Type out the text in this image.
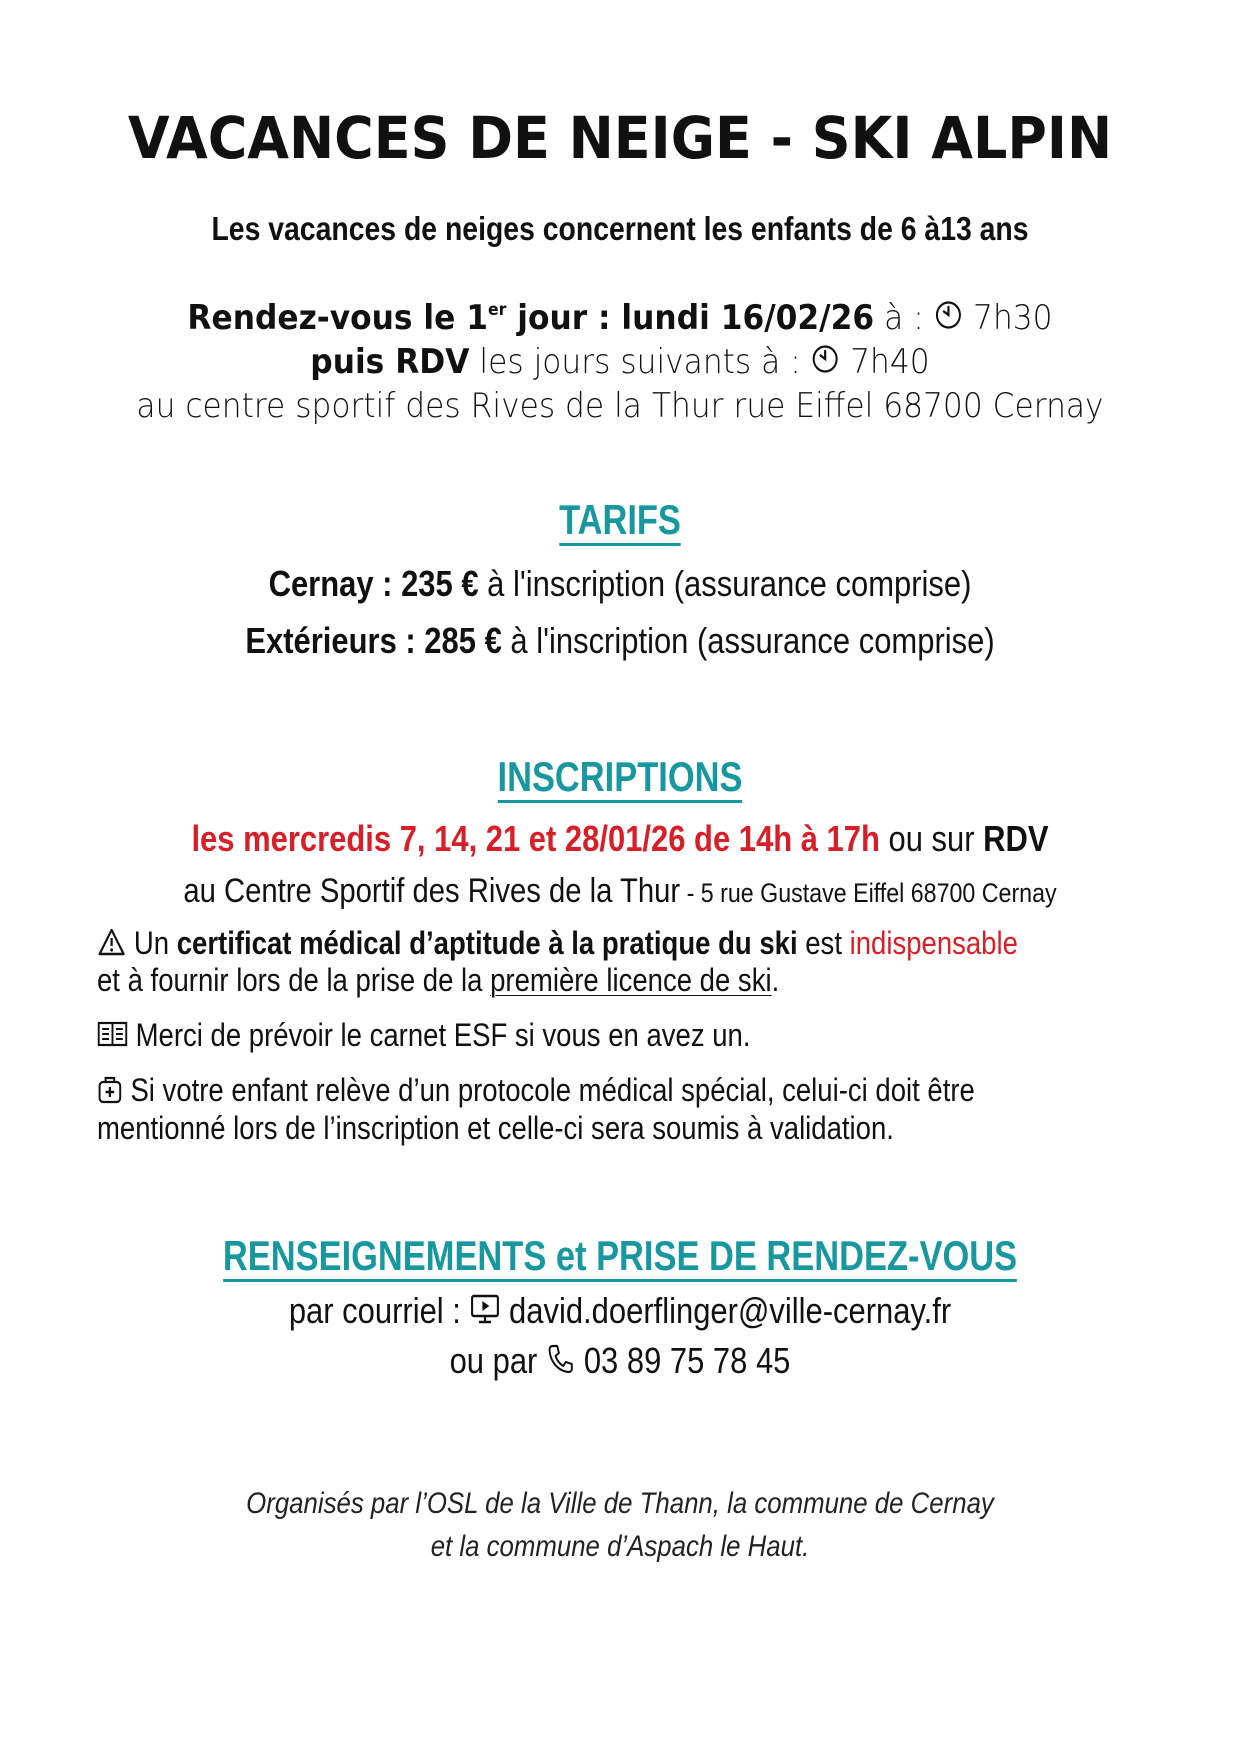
VACANCES DE NEIGE - SKI ALPIN
Les vacances de neiges concernent les enfants de 6 à13 ans
Rendez-vous le 1er jour : lundi 16/02/26 à :  7h30
puis RDV les jours suivants à :  7h40
au centre sportif des Rives de la Thur rue Eiffel 68700 Cernay
TARIFS
Cernay : 235 € à l'inscription (assurance comprise)
Extérieurs : 285 € à l'inscription (assurance comprise)
INSCRIPTIONS
les mercredis 7, 14, 21 et 28/01/26 de 14h à 17h ou sur RDV
au Centre Sportif des Rives de la Thur - 5 rue Gustave Eiffel 68700 Cernay
Un certificat médical d’aptitude à la pratique du ski est indispensable
et à fournir lors de la prise de la première licence de ski.
Merci de prévoir le carnet ESF si vous en avez un.
Si votre enfant relève d’un protocole médical spécial, celui-ci doit être
mentionné lors de l’inscription et celle-ci sera soumis à validation.
RENSEIGNEMENTS et PRISE DE RENDEZ-VOUS
par courriel :  david.doerflinger@ville-cernay.fr
ou par  03 89 75 78 45
Organisés par l’OSL de la Ville de Thann, la commune de Cernay
et la commune d’Aspach le Haut.
